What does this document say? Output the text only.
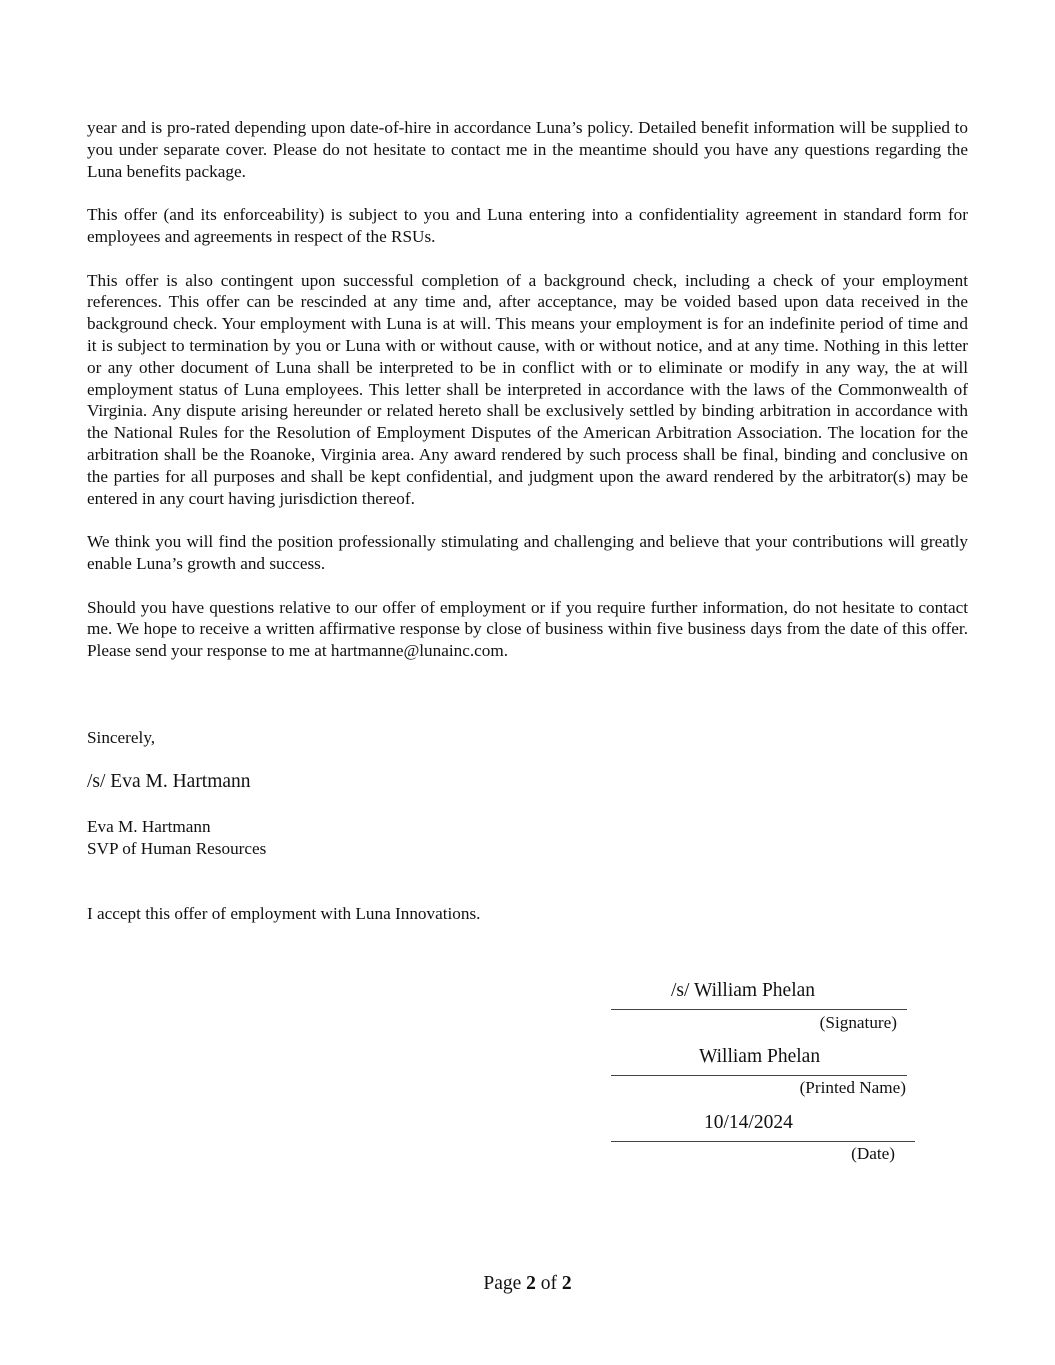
year and is pro-rated depending upon date-of-hire in accordance Luna’s policy. Detailed benefit information will be supplied to you under separate cover. Please do not hesitate to contact me in the meantime should you have any questions regarding the Luna benefits package.

This offer (and its enforceability) is subject to you and Luna entering into a confidentiality agreement in standard form for employees and agreements in respect of the RSUs.

This offer is also contingent upon successful completion of a background check, including a check of your employment references. This offer can be rescinded at any time and, after acceptance, may be voided based upon data received in the background check. Your employment with Luna is at will. This means your employment is for an indefinite period of time and it is subject to termination by you or Luna with or without cause, with or without notice, and at any time. Nothing in this letter or any other document of Luna shall be interpreted to be in conflict with or to eliminate or modify in any way, the at will employment status of Luna employees. This letter shall be interpreted in accordance with the laws of the Commonwealth of Virginia. Any dispute arising hereunder or related hereto shall be exclusively settled by binding arbitration in accordance with the National Rules for the Resolution of Employment Disputes of the American Arbitration Association. The location for the arbitration shall be the Roanoke, Virginia area. Any award rendered by such process shall be final, binding and conclusive on the parties for all purposes and shall be kept confidential, and judgment upon the award rendered by the arbitrator(s) may be entered in any court having jurisdiction thereof.

We think you will find the position professionally stimulating and challenging and believe that your contributions will greatly enable Luna’s growth and success.

Should you have questions relative to our offer of employment or if you require further information, do not hesitate to contact me. We hope to receive a written affirmative response by close of business within five business days from the date of this offer. Please send your response to me at hartmanne@lunainc.com.

Sincerely,
/s/ Eva M. Hartmann
Eva M. Hartmann
SVP of Human Resources
I accept this offer of employment with Luna Innovations.
/s/ William Phelan
(Signature)
William Phelan
(Printed Name)
10/14/2024
(Date)
Page 2 of 2
